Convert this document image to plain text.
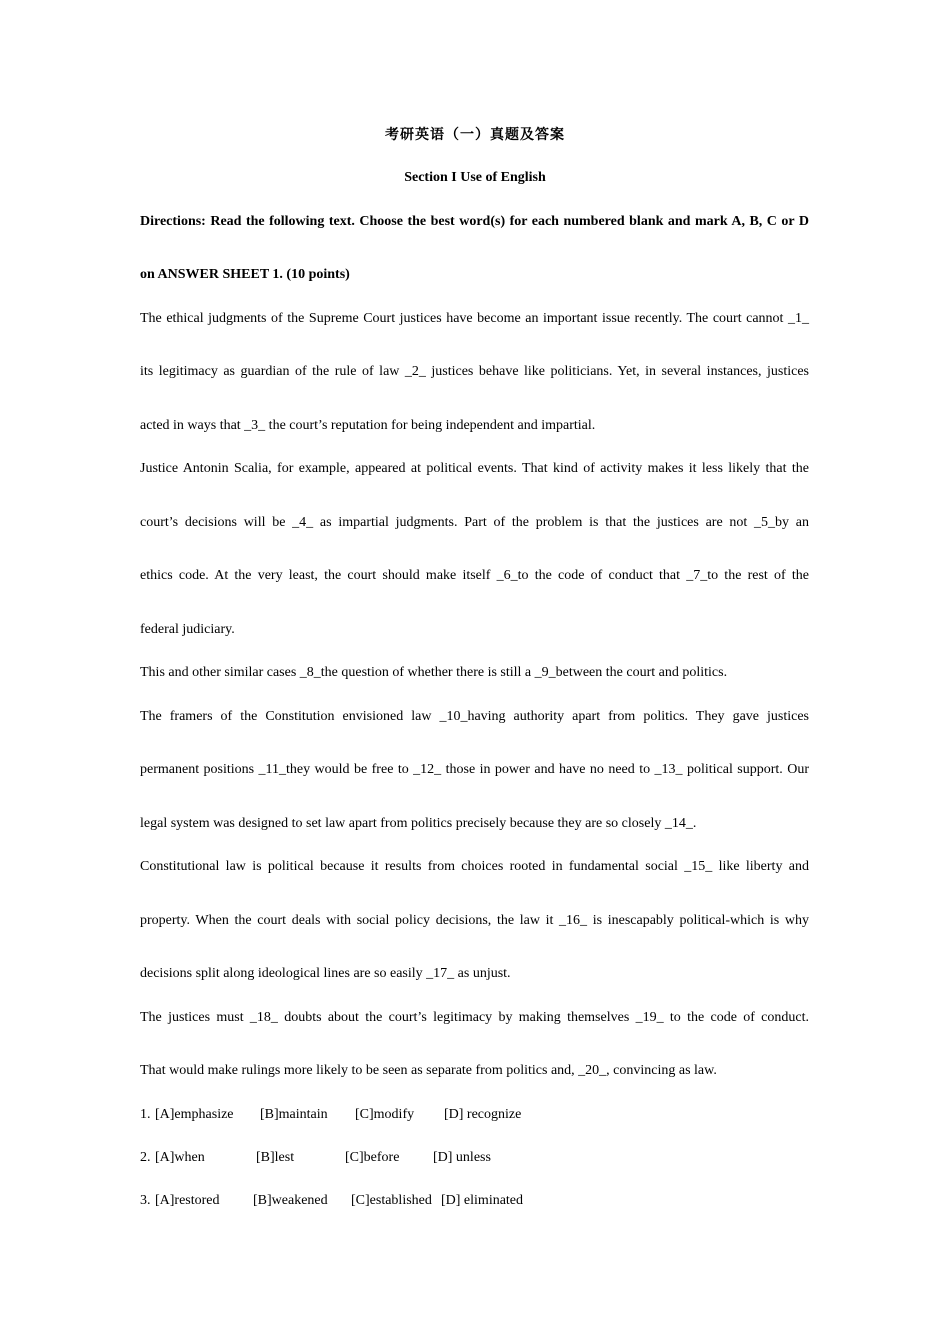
考研英语（一）真题及答案
Section I Use of English
Directions: Read the following text. Choose the best word(s) for each numbered blank and mark A, B, C or D
on ANSWER SHEET 1. (10 points)
The ethical judgments of the Supreme Court justices have become an important issue recently. The court cannot _1_
its legitimacy as guardian of the rule of law _2_ justices behave like politicians. Yet, in several instances, justices
acted in ways that _3_ the court’s reputation for being independent and impartial.
Justice Antonin Scalia, for example, appeared at political events. That kind of activity makes it less likely that the
court’s decisions will be _4_ as impartial judgments. Part of the problem is that the justices are not _5_by an
ethics code. At the very least, the court should make itself _6_to the code of conduct that _7_to the rest of the
federal judiciary.
This and other similar cases _8_the question of whether there is still a _9_between the court and politics.
The framers of the Constitution envisioned law _10_having authority apart from politics. They gave justices
permanent positions _11_they would be free to _12_ those in power and have no need to _13_ political support. Our
legal system was designed to set law apart from politics precisely because they are so closely _14_.
Constitutional law is political because it results from choices rooted in fundamental social _15_ like liberty and
property. When the court deals with social policy decisions, the law it _16_ is inescapably political-which is why
decisions split along ideological lines are so easily _17_ as unjust.
The justices must _18_ doubts about the court’s legitimacy by making themselves _19_ to the code of conduct.
That would make rulings more likely to be seen as separate from politics and, _20_, convincing as law.
1. [A]emphasize [B]maintain [C]modify [D] recognize
2. [A]when	[B]lest	[C]before [D] unless
3. [A]restored [B]weakened [C]established [D] eliminated
